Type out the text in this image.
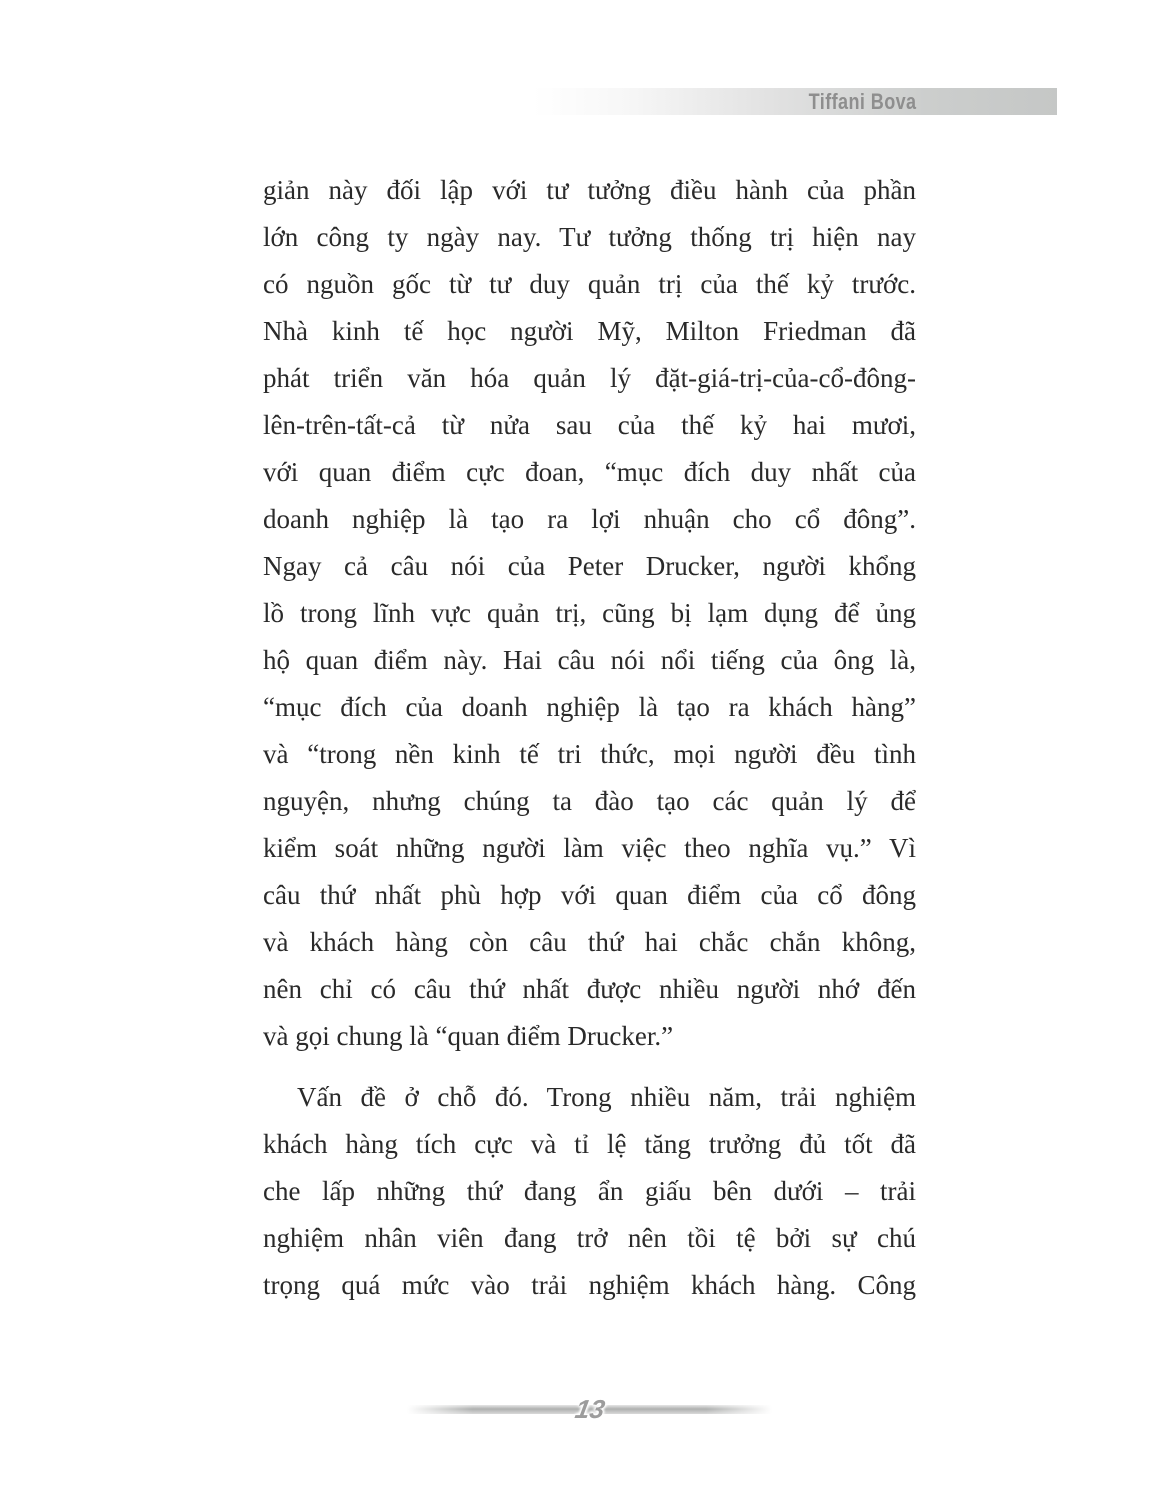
Tiffani Bova
giản này đối lập với tư tưởng điều hành của phần
lớn công ty ngày nay. Tư tưởng thống trị hiện nay
có nguồn gốc từ tư duy quản trị của thế kỷ trước.
Nhà kinh tế học người Mỹ, Milton Friedman đã
phát triển văn hóa quản lý đặt-giá-trị-của-cổ-đông-
lên-trên-tất-cả từ nửa sau của thế kỷ hai mươi,
với quan điểm cực đoan, “mục đích duy nhất của
doanh nghiệp là tạo ra lợi nhuận cho cổ đông”.
Ngay cả câu nói của Peter Drucker, người khổng
lồ trong lĩnh vực quản trị, cũng bị lạm dụng để ủng
hộ quan điểm này. Hai câu nói nổi tiếng của ông là,
“mục đích của doanh nghiệp là tạo ra khách hàng”
và “trong nền kinh tế tri thức, mọi người đều tình
nguyện, nhưng chúng ta đào tạo các quản lý để
kiểm soát những người làm việc theo nghĩa vụ.” Vì
câu thứ nhất phù hợp với quan điểm của cổ đông
và khách hàng còn câu thứ hai chắc chắn không,
nên chỉ có câu thứ nhất được nhiều người nhớ đến
và gọi chung là “quan điểm Drucker.”
Vấn đề ở chỗ đó. Trong nhiều năm, trải nghiệm
khách hàng tích cực và tỉ lệ tăng trưởng đủ tốt đã
che lấp những thứ đang ẩn giấu bên dưới – trải
nghiệm nhân viên đang trở nên tồi tệ bởi sự chú
trọng quá mức vào trải nghiệm khách hàng. Công
13
